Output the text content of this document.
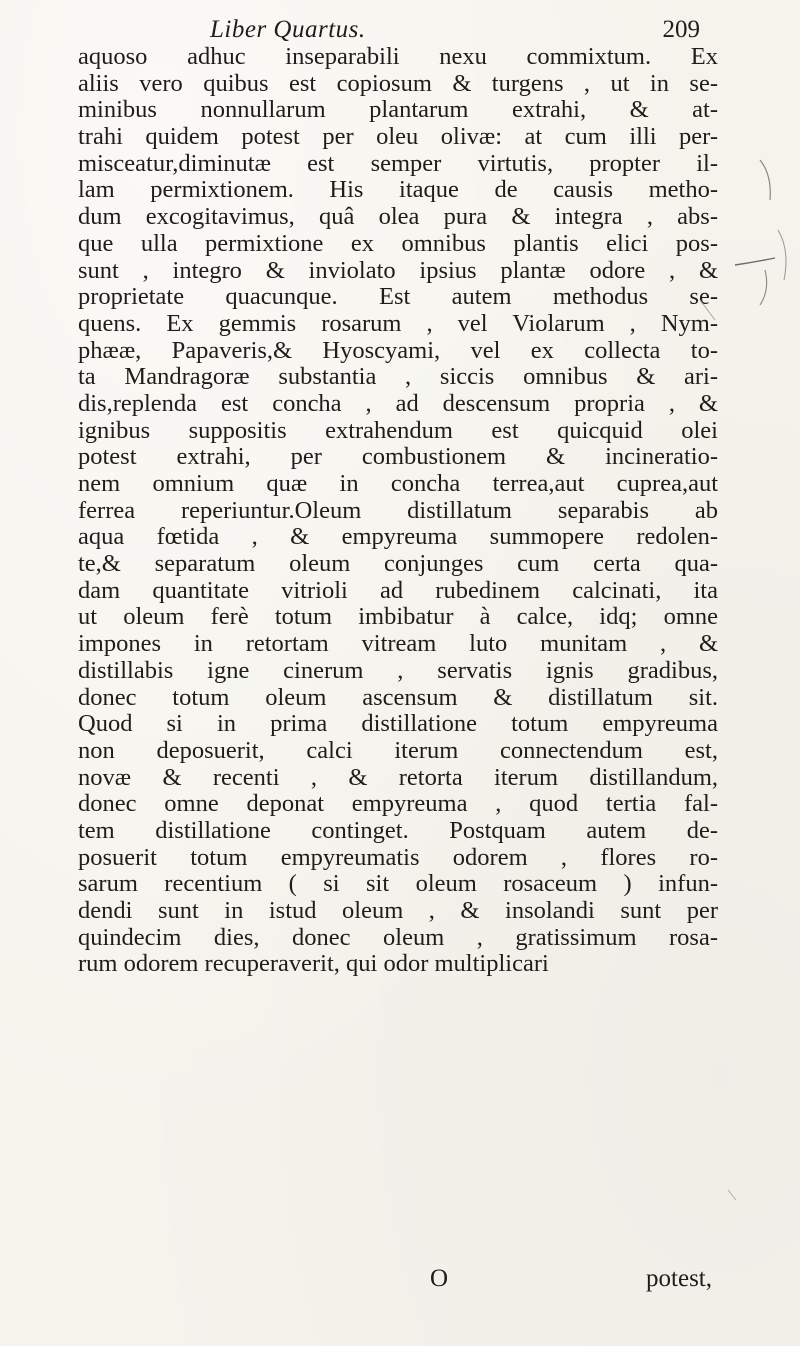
Liber Quartus.	209
aquoso adhuc inseparabili nexu commixtum. Ex
aliis vero quibus est copiosum & turgens , ut in se-
minibus nonnullarum plantarum extrahi, & at-
trahi quidem potest per oleu olivæ: at cum illi per-
misceatur,diminutæ est semper virtutis, propter il-
lam permixtionem. His itaque de causis metho-
dum excogitavimus, quâ olea pura & integra , abs-
que ulla permixtione ex omnibus plantis elici pos-
sunt , integro & inviolato ipsius plantæ odore , &
proprietate quacunque. Est autem methodus se-
quens. Ex gemmis rosarum , vel Violarum , Nym-
phææ, Papaveris,& Hyoscyami, vel ex collecta to-
ta Mandragoræ substantia , siccis omnibus & ari-
dis,replenda est concha , ad descensum propria , &
ignibus suppositis extrahendum est quicquid olei
potest extrahi, per combustionem & incineratio-
nem omnium quæ in concha terrea,aut cuprea,aut
ferrea reperiuntur.Oleum distillatum separabis ab
aqua fœtida , & empyreuma summopere redolen-
te,& separatum oleum conjunges cum certa qua-
dam quantitate vitrioli ad rubedinem calcinati, ita
ut oleum ferè totum imbibatur à calce, idq; omne
impones in retortam vitream luto munitam , &
distillabis igne cinerum , servatis ignis gradibus,
donec totum oleum ascensum & distillatum sit.
Quod si in prima distillatione totum empyreuma
non deposuerit, calci iterum connectendum est,
novæ & recenti , & retorta iterum distillandum,
donec omne deponat empyreuma , quod tertia fal-
tem distillatione continget. Postquam autem de-
posuerit totum empyreumatis odorem , flores ro-
sarum recentium ( si sit oleum rosaceum ) infun-
dendi sunt in istud oleum , & insolandi sunt per
quindecim dies, donec oleum , gratissimum rosa-
rum odorem recuperaverit, qui odor multiplicari
O	potest,
